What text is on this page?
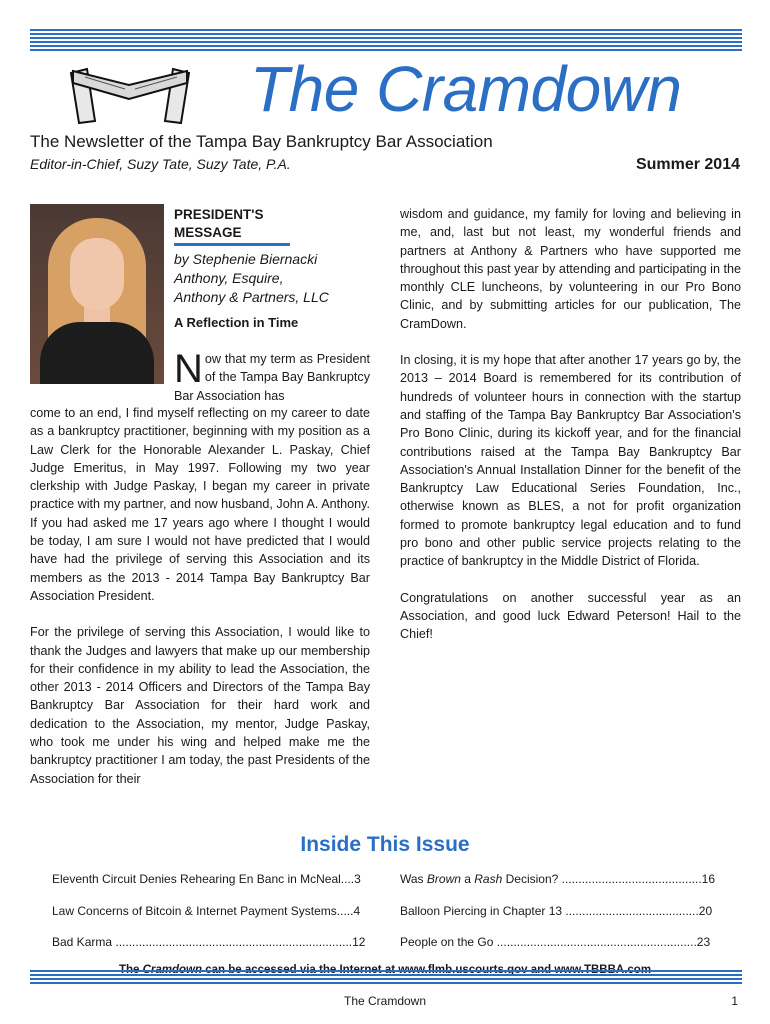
The Cramdown
The Newsletter of the Tampa Bay Bankruptcy Bar Association
Editor-in-Chief, Suzy Tate, Suzy Tate, P.A.	Summer 2014
PRESIDENT'S
MESSAGE
by Stephenie Biernacki
Anthony, Esquire,
Anthony & Partners, LLC
A Reflection in Time
Now that my term as President of the Tampa Bay Bankruptcy Bar Association has

come to an end, I find myself reflecting on my career to date as a bankruptcy practitioner, beginning with my position as a Law Clerk for the Honorable Alexander L. Paskay, Chief Judge Emeritus, in May 1997. Following my two year clerkship with Judge Paskay, I began my career in private practice with my partner, and now husband, John A. Anthony. If you had asked me 17 years ago where I thought I would be today, I am sure I would not have predicted that I would have had the privilege of serving this Association and its members as the 2013 - 2014 Tampa Bay Bankruptcy Bar Association President.

For the privilege of serving this Association, I would like to thank the Judges and lawyers that make up our membership for their confidence in my ability to lead the Association, the other 2013 - 2014 Officers and Directors of the Tampa Bay Bankruptcy Bar Association for their hard work and dedication to the Association, my mentor, Judge Paskay, who took me under his wing and helped make me the bankruptcy practitioner I am today, the past Presidents of the Association for their

wisdom and guidance, my family for loving and believing in me, and, last but not least, my wonderful friends and partners at Anthony & Partners who have supported me throughout this past year by attending and participating in the monthly CLE luncheons, by volunteering in our Pro Bono Clinic, and by submitting articles for our publication, The CramDown.

In closing, it is my hope that after another 17 years go by, the 2013 – 2014 Board is remembered for its contribution of hundreds of volunteer hours in connection with the startup and staffing of the Tampa Bay Bankruptcy Bar Association's Pro Bono Clinic, during its kickoff year, and for the financial contributions raised at the Tampa Bay Bankruptcy Bar Association's Annual Installation Dinner for the benefit of the Bankruptcy Law Educational Series Foundation, Inc., otherwise known as BLES, a not for profit organization formed to promote bankruptcy legal education and to fund pro bono and other public service projects relating to the practice of bankruptcy in the Middle District of Florida.

Congratulations on another successful year as an Association, and good luck Edward Peterson! Hail to the Chief!

Inside This Issue
Eleventh Circuit Denies Rehearing En Banc in McNeal....3
Law Concerns of Bitcoin & Internet Payment Systems.....4
Bad Karma .......................................................................12
Was Brown a Rash Decision? ..........................................16
Balloon Piercing in Chapter 13 ........................................20
People on the Go ............................................................23
The Cramdown	1
